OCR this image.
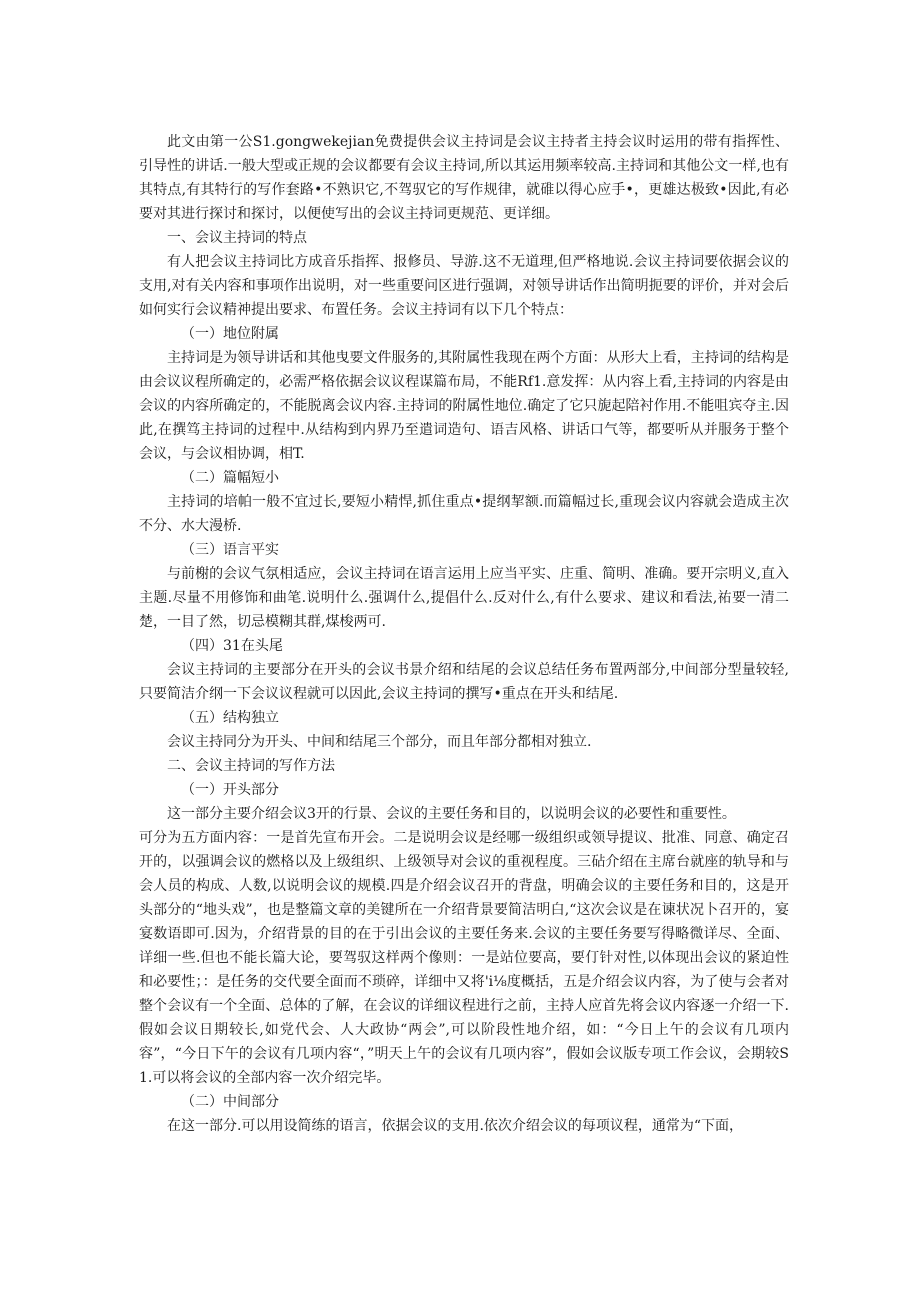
此文由第一公S1.gongwekejian免费提供会议主持词是会议主持者主持会议时运用的带有指挥性、引导性的讲话.一般大型或正规的会议都要有会议主持词,所以其运用频率较高.主持词和其他公文一样,也有其特点,有其特行的写作套路•不熟识它,不驾驭它的写作规律，就碓以得心应手•，更雄达极致•因此,有必要对其进行探讨和探讨，以便使写出的会议主持词更规范、更详细。

一、会议主持词的特点

有人把会议主持词比方成音乐指挥、报修员、导游.这不无道理,但严格地说.会议主持词要依据会议的支用,对有关内容和事项作出说明，对一些重要问区进行强调，对领导讲话作出简明扼要的评价，并对会后如何实行会议精神提出要求、布置任务。会议主持词有以下几个特点：

（一）地位附属

主持词是为领导讲话和其他曳要文件服务的,其附属性我现在两个方面：从形大上看，主持词的结构是由会议议程所确定的，必需严格依据会议议程谋篇布局，不能Rf1.意发挥：从内容上看,主持词的内容是由会议的内容所确定的，不能脱离会议内容.主持词的附属性地位.确定了它只旎起陪衬作用.不能咀宾夺主.因此,在撰笃主持词的过程中.从结构到内界乃至遣词造句、语吉风格、讲话口气等，都要听从并服务于整个会议，与会议相协调，相T.

（二）篇幅短小

主持词的培帕一般不宜过长,要短小精悍,抓住重点•提纲挈额.而篇幅过长,重现会议内容就会造成主次不分、水大漫桥.

（三）语言平实

与前榭的会议气氛相适应，会议主持词在语言运用上应当平实、庄重、简明、准确。要开宗明义,直入主题.尽量不用修饰和曲笔.说明什么.强调什么,提倡什么.反对什么,有什么要求、建议和看法,祐要一清二楚，一目了然，切忌模糊其群,煤梭两可.

（四）31在头尾

会议主持词的主要部分在开头的会议书景介绍和结尾的会议总结任务布置两部分,中间部分型量较轻,只要简洁介纲一下会议议程就可以因此,会议主持词的撰写•重点在开头和结尾.

（五）结构独立

会议主持同分为开头、中间和结尾三个部分，而且年部分都相对独立.

二、会议主持词的写作方法

（一）开头部分

这一部分主要介绍会议3开的行景、会议的主要任务和目的，以说明会议的必要性和重要性。

可分为五方面内容：一是首先宣布开会。二是说明会议是经哪一级组织或领导提议、批准、同意、确定召开的，以强调会议的燃格以及上级组织、上级领导对会议的重视程度。三砧介绍在主席台就座的轨导和与会人员的构成、人数,以说明会议的规模.四是介绍会议召开的背盘，明确会议的主要任务和目的，这是开头部分的“地头戏”，也是整篇文章的美键所在一介绍背景要简洁明白,“这次会议是在谏状况卜召开的，宴宴数语即可.因为，介绍背景的目的在于引出会议的主要任务来.会议的主要任务要写得略微详尽、全面、详细一些.但也不能长篇大论，要驾驭这样两个像则：一是站位要高，要仃针对性,以体现出会议的紧迫性和必要性；：是任务的交代要全面而不琐碎，详细中又将'i⅛度概括，五是介绍会议内容，为了使与会者对整个会议有一个全面、总体的了解，在会议的详细议程进行之前，主持人应首先将会议内容逐一介绍一下.假如会议日期较长,如党代会、人大政协“两会”,可以阶段性地介绍，如：“今日上午的会议有几项内容”，“今日下午的会议有几项内容“，”明天上午的会议有几项内容”，假如会议版专项工作会议，会期较S1.可以将会议的全部内容一次介绍完毕。

（二）中间部分

在这一部分.可以用设简练的语言，依据会议的支用.依次介绍会议的每项议程，通常为“下面，
